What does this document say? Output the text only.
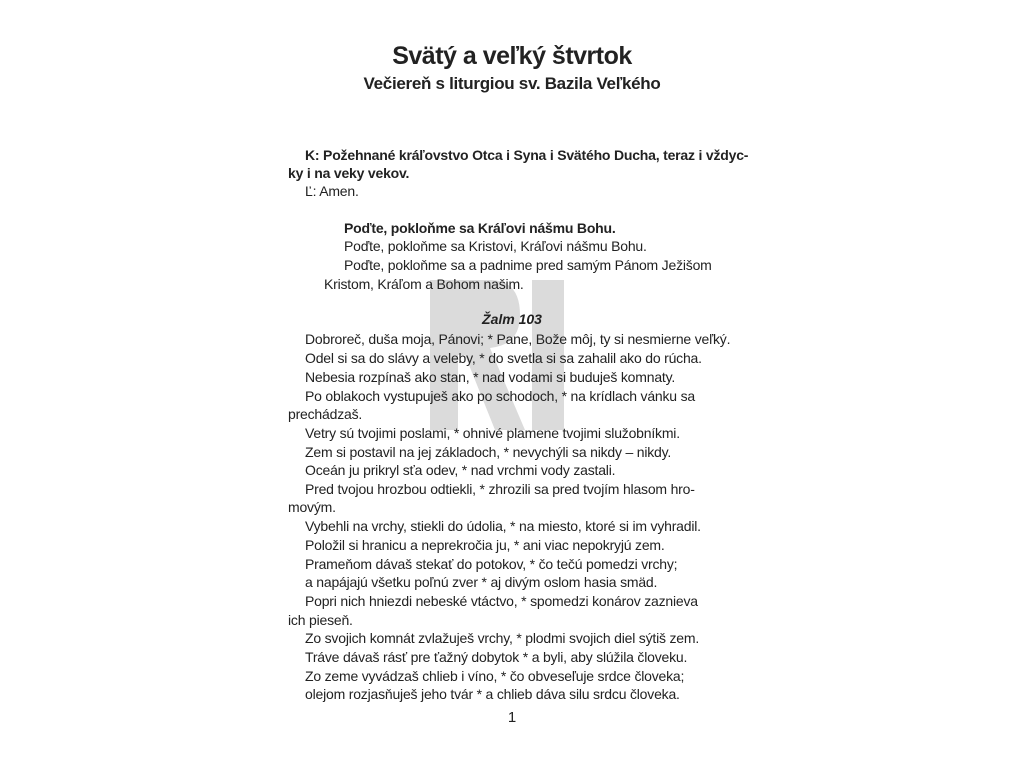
Svätý a veľký štvrtok
Večiereň s liturgiou sv. Bazila Veľkého
K: Požehnané kráľovstvo Otca i Syna i Svätého Ducha, teraz i vždyc-
ky i na veky vekov.
Ľ: Amen.
Poďte, pokloňme sa Kráľovi nášmu Bohu.
Poďte, pokloňme sa Kristovi, Kráľovi nášmu Bohu.
Poďte, pokloňme sa a padnime pred samým Pánom Ježišom
Kristom, Kráľom a Bohom našim.
Žalm 103
Dobroreč, duša moja, Pánovi; * Pane, Bože môj, ty si nesmierne veľký.
Odel si sa do slávy a veleby, * do svetla si sa zahalil ako do rúcha.
Nebesia rozpínaš ako stan, * nad vodami si buduješ komnaty.
Po oblakoch vystupuješ ako po schodoch, * na krídlach vánku sa
prechádzaš.
Vetry sú tvojimi poslami, * ohnivé plamene tvojimi služobníkmi.
Zem si postavil na jej základoch, * nevychýli sa nikdy – nikdy.
Oceán ju prikryl sťa odev, * nad vrchmi vody zastali.
Pred tvojou hrozbou odtiekli, * zhrozili sa pred tvojím hlasom hro-
movým.
Vybehli na vrchy, stiekli do údolia, * na miesto, ktoré si im vyhradil.
Položil si hranicu a neprekročia ju, * ani viac nepokryjú zem.
Prameňom dávaš stekať do potokov, * čo tečú pomedzi vrchy;
a napájajú všetku poľnú zver * aj divým oslom hasia smäd.
Popri nich hniezdi nebeské vtáctvo, * spomedzi konárov zaznieva
ich pieseň.
Zo svojich komnát zvlažuješ vrchy, * plodmi svojich diel sýtiš zem.
Tráve dávaš rásť pre ťažný dobytok * a byli, aby slúžila človeku.
Zo zeme vyvádzaš chlieb i víno, * čo obveseľuje srdce človeka;
olejom rozjasňuješ jeho tvár * a chlieb dáva silu srdcu človeka.
1
